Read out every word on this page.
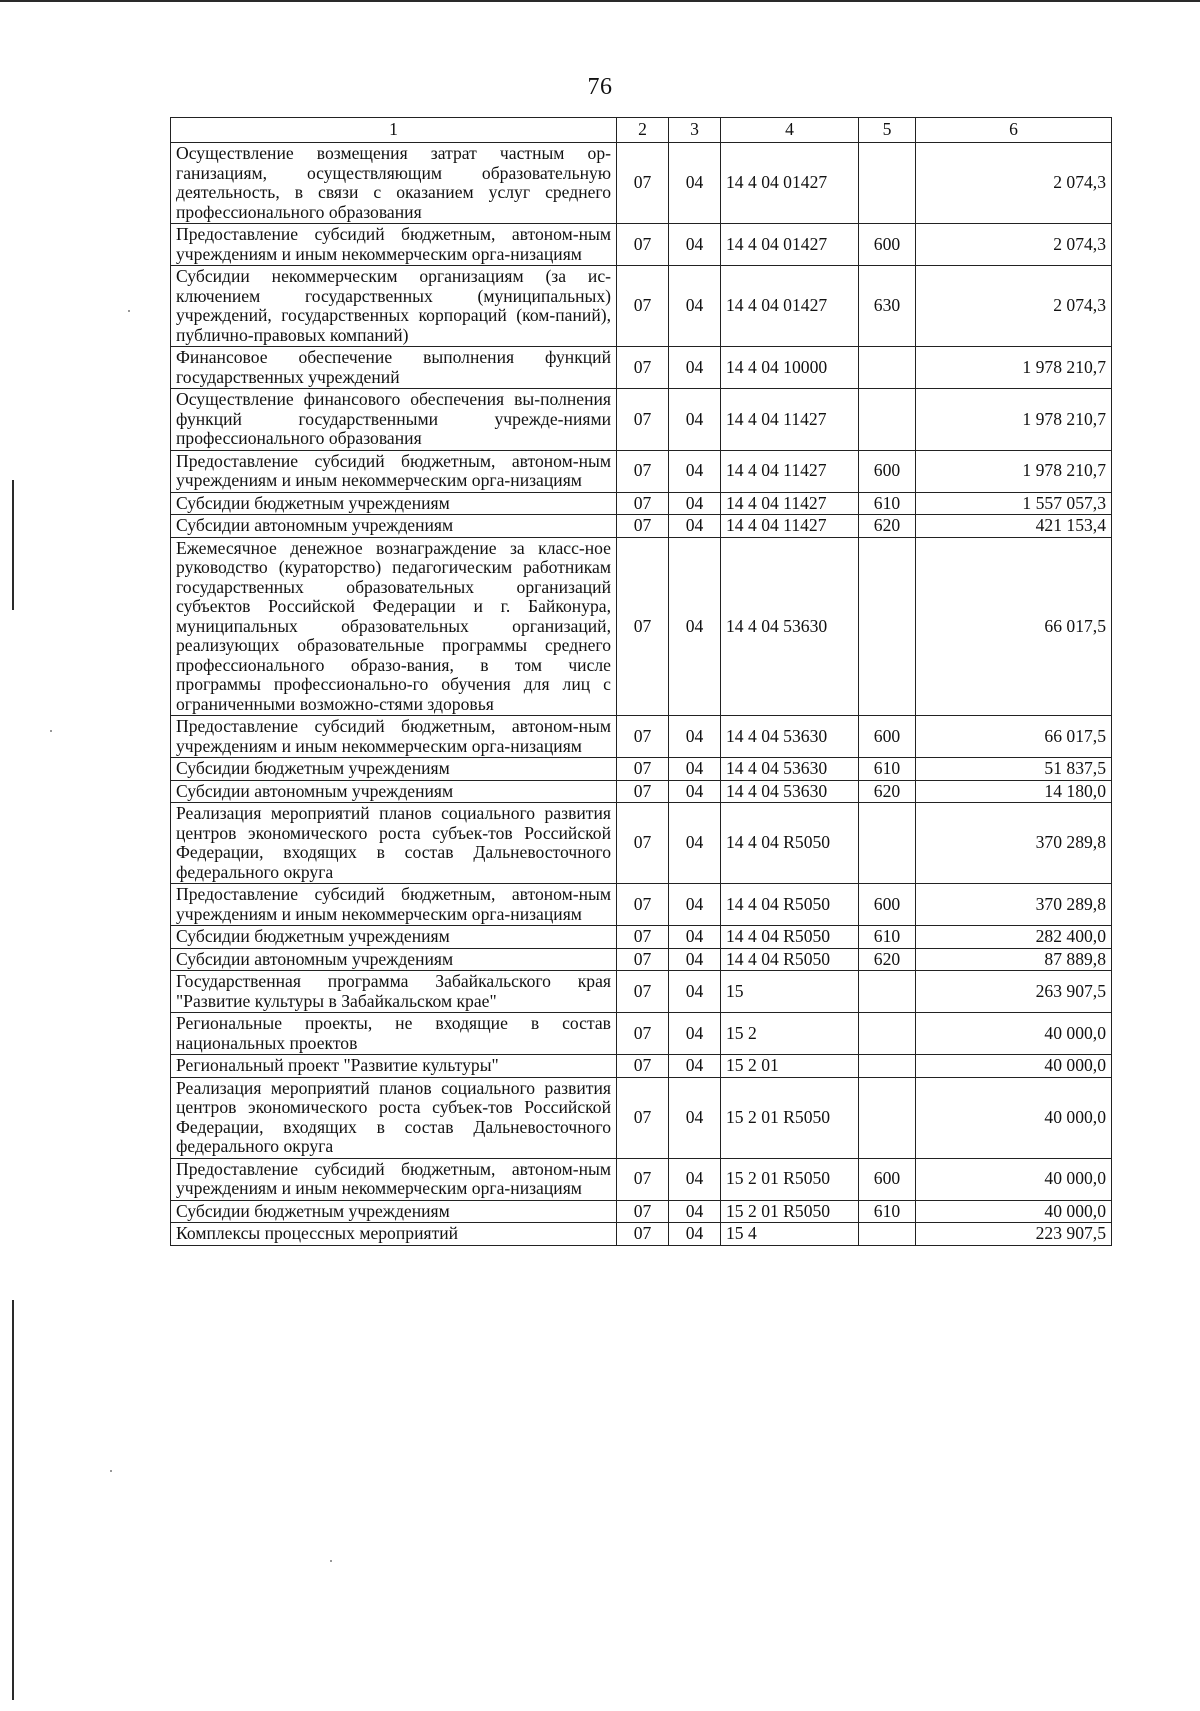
76
1	2	3	4	5	6
Осуществление возмещения затрат частным ор-ганизациям, осуществляющим образовательную деятельность, в связи с оказанием услуг среднего профессионального образования	07	04	14 4 04 01427		2 074,3
Предоставление субсидий бюджетным, автоном-ным учреждениям и иным некоммерческим орга-низациям	07	04	14 4 04 01427	600	2 074,3
Субсидии некоммерческим организациям (за ис-ключением государственных (муниципальных) учреждений, государственных корпораций (ком-паний), публично-правовых компаний)	07	04	14 4 04 01427	630	2 074,3
Финансовое обеспечение выполнения функций государственных учреждений	07	04	14 4 04 10000		1 978 210,7
Осуществление финансового обеспечения вы-полнения функций государственными учрежде-ниями профессионального образования	07	04	14 4 04 11427		1 978 210,7
Предоставление субсидий бюджетным, автоном-ным учреждениям и иным некоммерческим орга-низациям	07	04	14 4 04 11427	600	1 978 210,7
Субсидии бюджетным учреждениям	07	04	14 4 04 11427	610	1 557 057,3
Субсидии автономным учреждениям	07	04	14 4 04 11427	620	421 153,4
Ежемесячное денежное вознаграждение за класс-ное руководство (кураторство) педагогическим работникам государственных образовательных организаций субъектов Российской Федерации и г. Байконура, муниципальных образовательных организаций, реализующих образовательные программы среднего профессионального образо-вания, в том числе программы профессионально-го обучения для лиц с ограниченными возможно-стями здоровья	07	04	14 4 04 53630		66 017,5
Предоставление субсидий бюджетным, автоном-ным учреждениям и иным некоммерческим орга-низациям	07	04	14 4 04 53630	600	66 017,5
Субсидии бюджетным учреждениям	07	04	14 4 04 53630	610	51 837,5
Субсидии автономным учреждениям	07	04	14 4 04 53630	620	14 180,0
Реализация мероприятий планов социального развития центров экономического роста субъек-тов Российской Федерации, входящих в состав Дальневосточного федерального округа	07	04	14 4 04 R5050		370 289,8
Предоставление субсидий бюджетным, автоном-ным учреждениям и иным некоммерческим орга-низациям	07	04	14 4 04 R5050	600	370 289,8
Субсидии бюджетным учреждениям	07	04	14 4 04 R5050	610	282 400,0
Субсидии автономным учреждениям	07	04	14 4 04 R5050	620	87 889,8
Государственная программа Забайкальского края "Развитие культуры в Забайкальском крае"	07	04	15		263 907,5
Региональные проекты, не входящие в состав национальных проектов	07	04	15 2		40 000,0
Региональный проект "Развитие культуры"	07	04	15 2 01		40 000,0
Реализация мероприятий планов социального развития центров экономического роста субъек-тов Российской Федерации, входящих в состав Дальневосточного федерального округа	07	04	15 2 01 R5050		40 000,0
Предоставление субсидий бюджетным, автоном-ным учреждениям и иным некоммерческим орга-низациям	07	04	15 2 01 R5050	600	40 000,0
Субсидии бюджетным учреждениям	07	04	15 2 01 R5050	610	40 000,0
Комплексы процессных мероприятий	07	04	15 4		223 907,5
